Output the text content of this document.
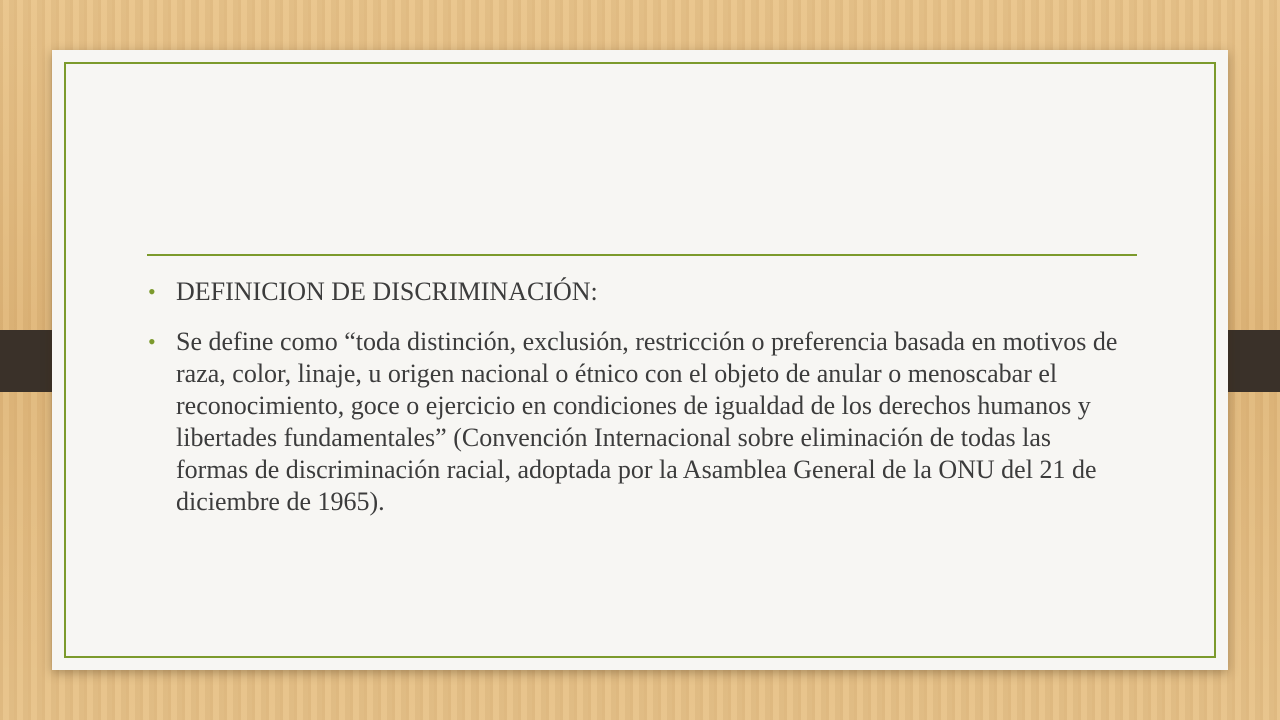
• DEFINICION DE DISCRIMINACIÓN:
• Se define como “toda distinción, exclusión, restricción o preferencia basada en motivos de raza, color, linaje, u origen nacional o étnico con el objeto de anular o menoscabar el reconocimiento, goce o ejercicio en condiciones de igualdad de los derechos humanos y libertades fundamentales” (Convención Internacional sobre eliminación de todas las formas de discriminación racial, adoptada por la Asamblea General de la ONU del 21 de diciembre de 1965).
